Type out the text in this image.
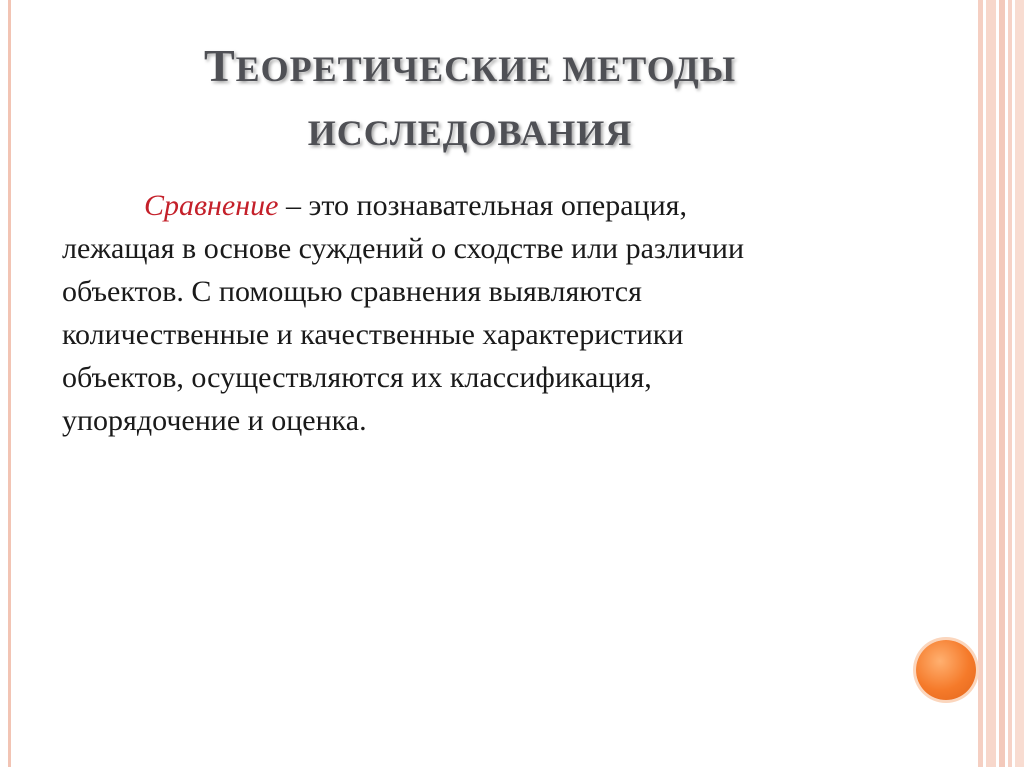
ТЕОРЕТИЧЕСКИЕ МЕТОДЫ
ИССЛЕДОВАНИЯ
Сравнение – это познавательная операция,
лежащая в основе суждений о сходстве или различии
объектов. С помощью сравнения выявляются
количественные и качественные характеристики
объектов, осуществляются их классификация,
упорядочение и оценка.
